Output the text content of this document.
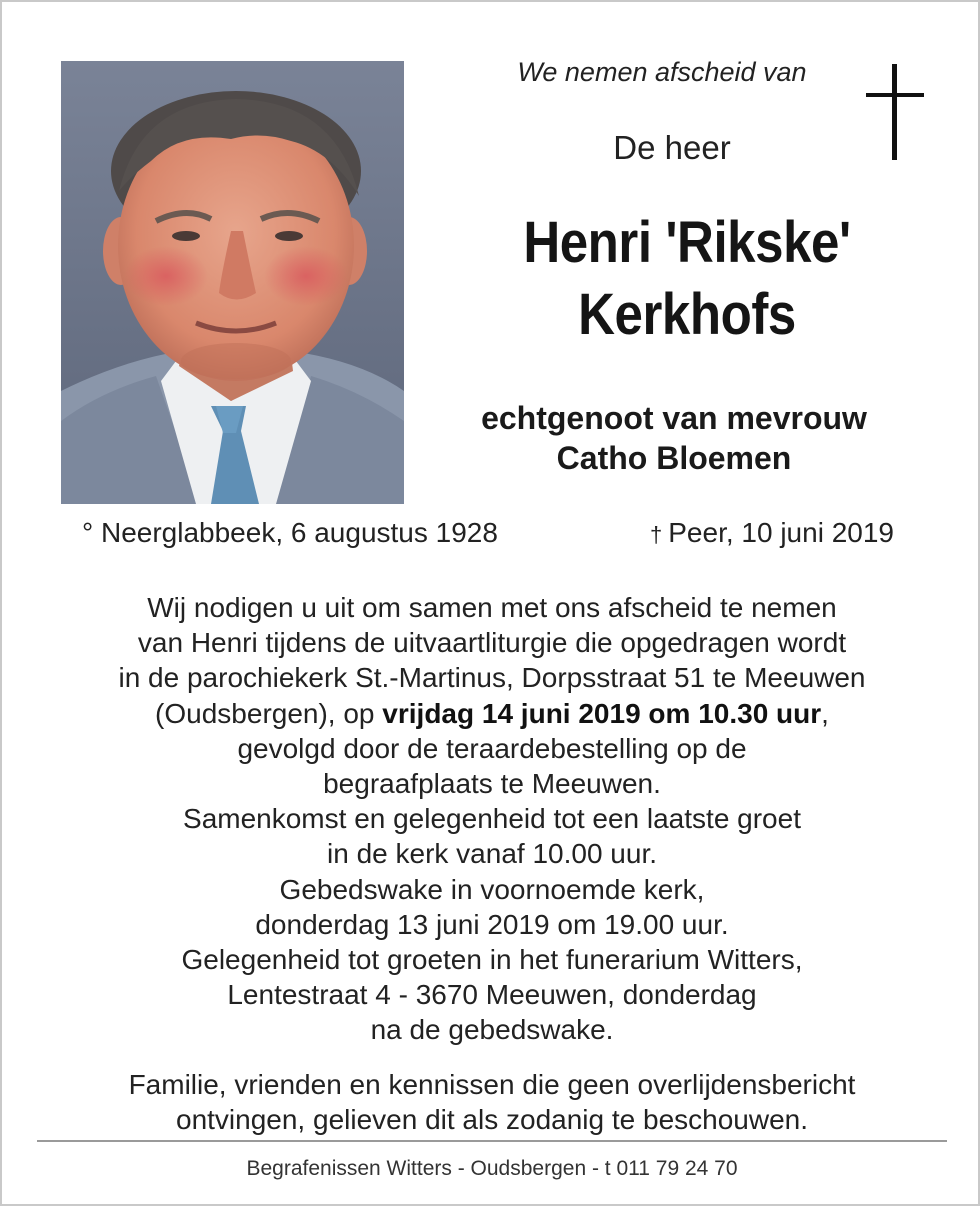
We nemen afscheid van
De heer
Henri 'Rikske'
Kerkhofs
echtgenoot van mevrouw
Catho Bloemen
° Neerglabbeek, 6 augustus 1928	† Peer, 10 juni 2019
Wij nodigen u uit om samen met ons afscheid te nemen
van Henri tijdens de uitvaartliturgie die opgedragen wordt
in de parochiekerk St.-Martinus, Dorpsstraat 51 te Meeuwen
(Oudsbergen), op vrijdag 14 juni 2019 om 10.30 uur,
gevolgd door de teraardebestelling op de
begraafplaats te Meeuwen.
Samenkomst en gelegenheid tot een laatste groet
in de kerk vanaf 10.00 uur.
Gebedswake in voornoemde kerk,
donderdag 13 juni 2019 om 19.00 uur.
Gelegenheid tot groeten in het funerarium Witters,
Lentestraat 4 - 3670 Meeuwen, donderdag
na de gebedswake.
Familie, vrienden en kennissen die geen overlijdensbericht
ontvingen, gelieven dit als zodanig te beschouwen.
Begrafenissen Witters - Oudsbergen - t 011 79 24 70
